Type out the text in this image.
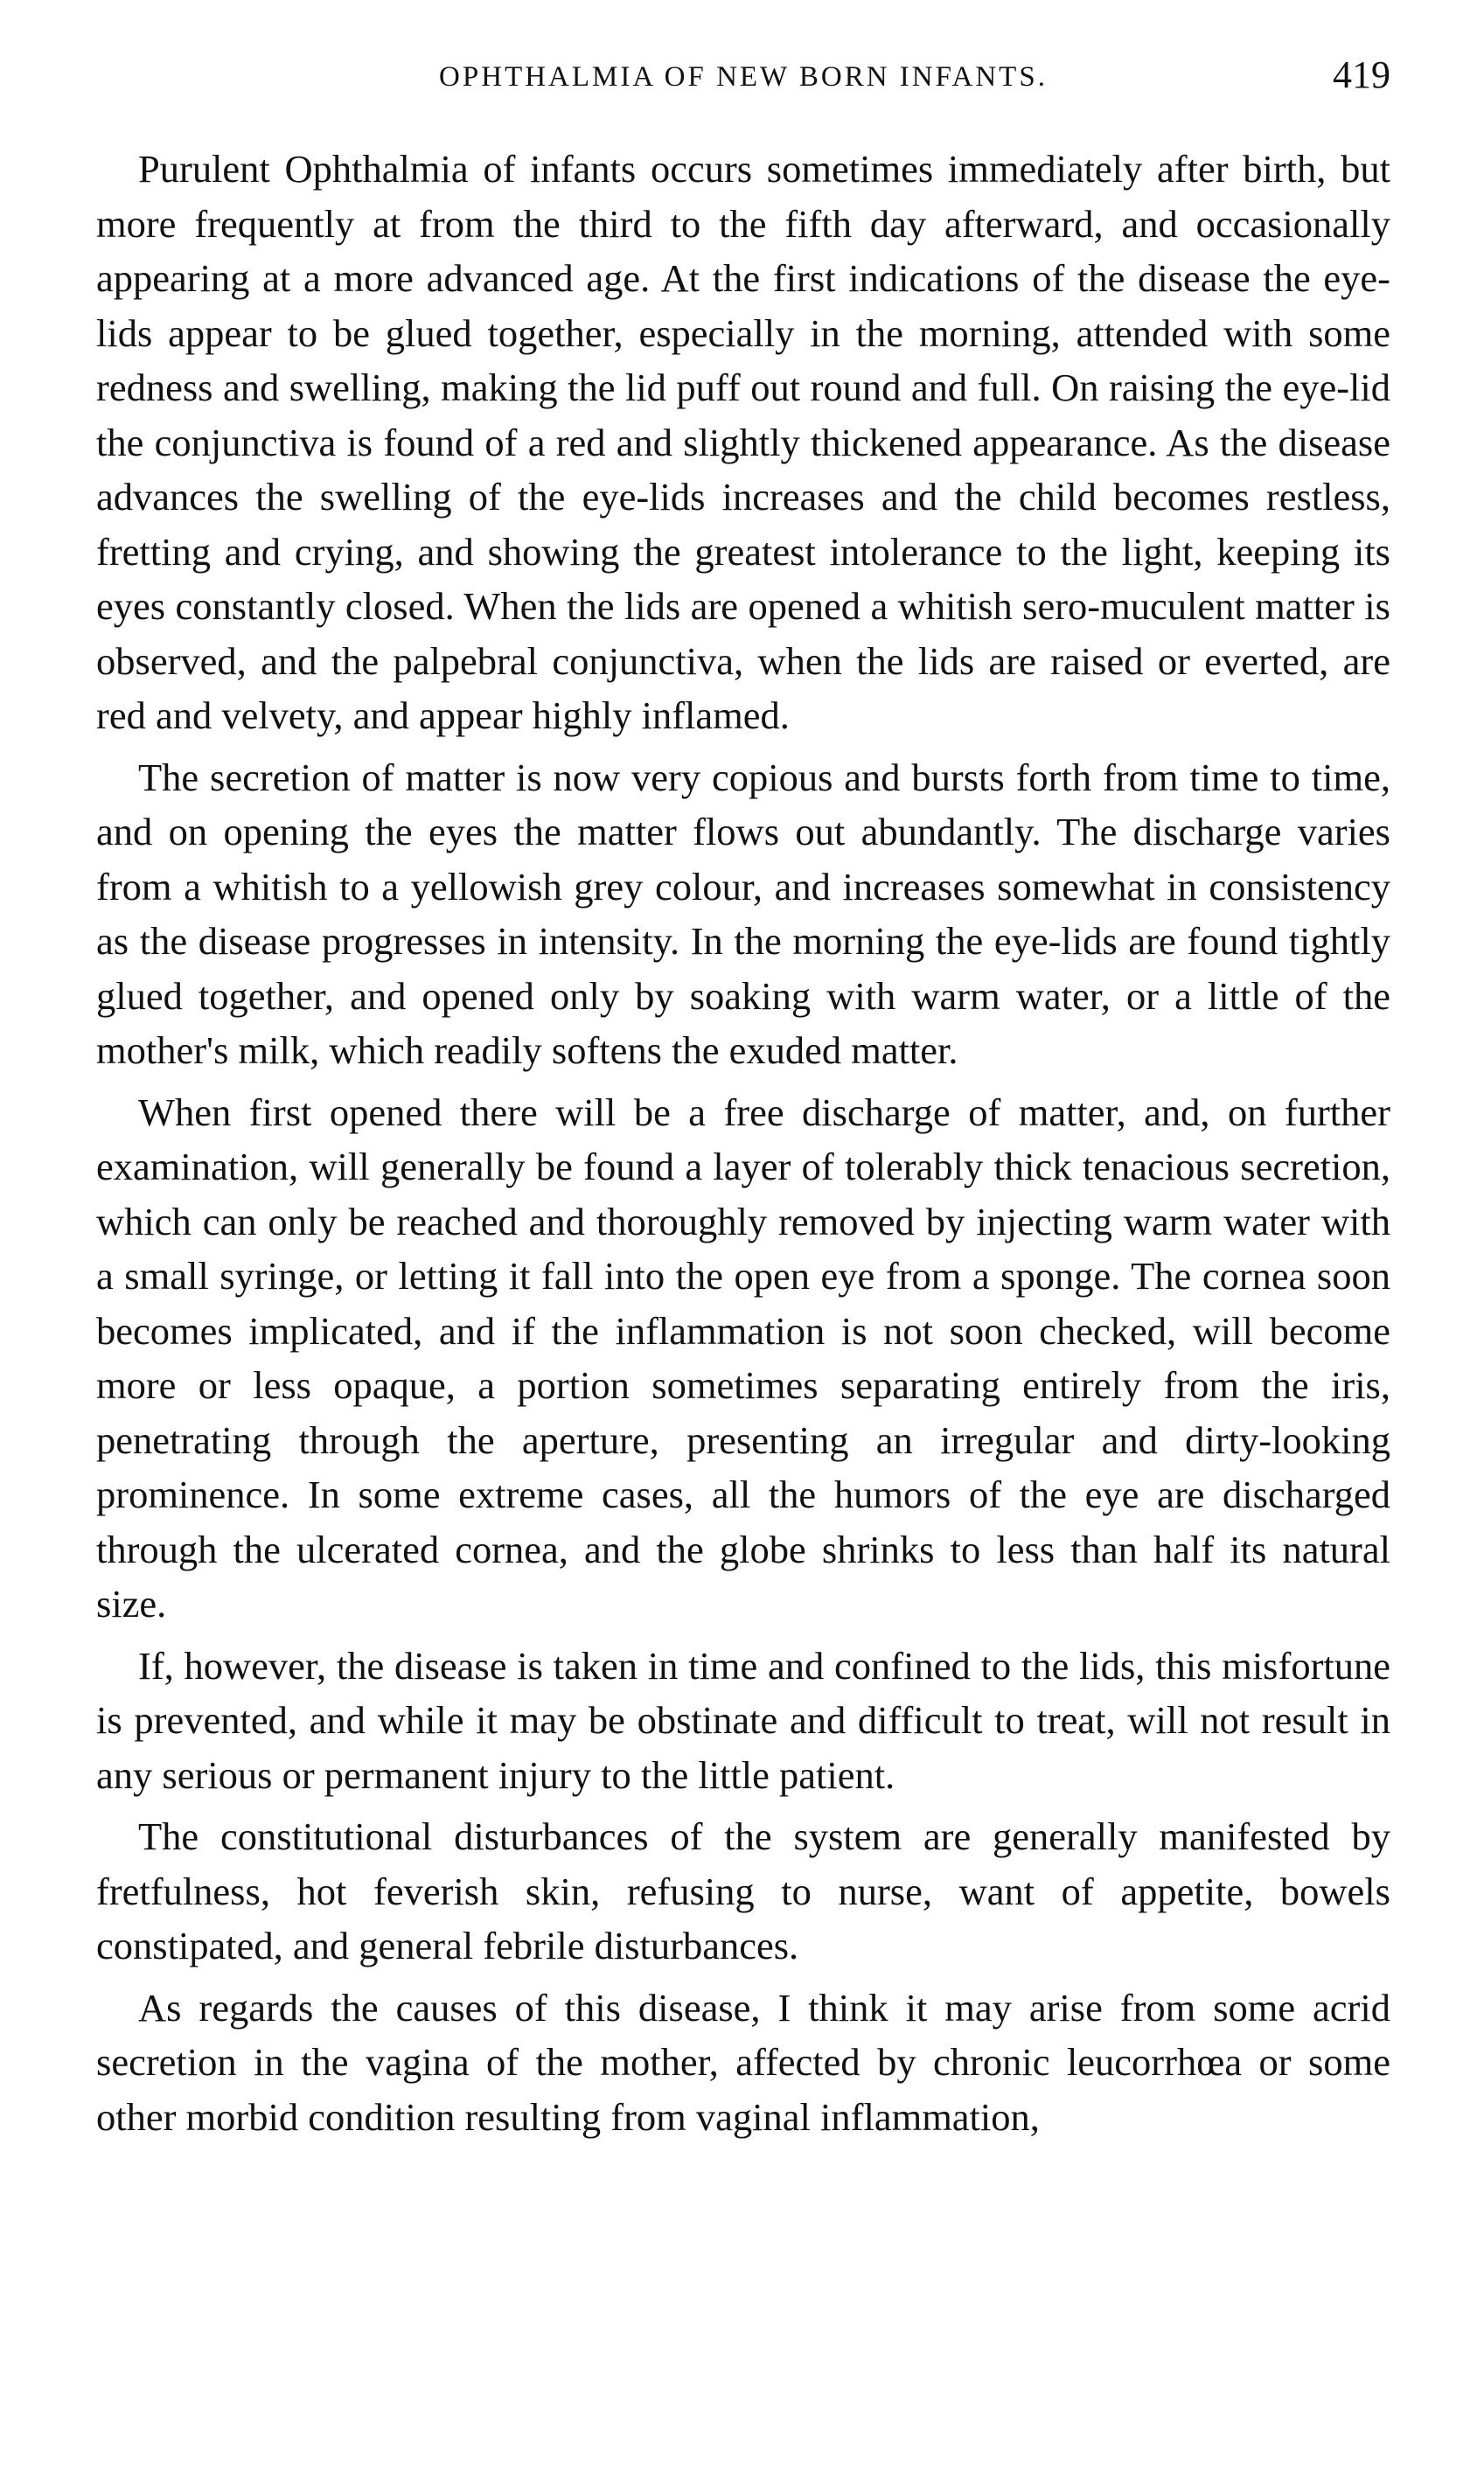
OPHTHALMIA OF NEW BORN INFANTS.	419

Purulent Ophthalmia of infants occurs sometimes immediately after birth, but more frequently at from the third to the fifth day afterward, and occasionally appearing at a more advanced age. At the first indications of the disease the eye-lids appear to be glued together, especially in the morning, attended with some redness and swelling, making the lid puff out round and full. On raising the eye-lid the conjunctiva is found of a red and slightly thickened appearance. As the disease advances the swelling of the eye-lids increases and the child becomes restless, fretting and crying, and showing the greatest intolerance to the light, keeping its eyes constantly closed. When the lids are opened a whitish sero-muculent matter is observed, and the palpebral conjunctiva, when the lids are raised or everted, are red and velvety, and appear highly inflamed.

The secretion of matter is now very copious and bursts forth from time to time, and on opening the eyes the matter flows out abundantly. The discharge varies from a whitish to a yellowish grey colour, and increases somewhat in consistency as the disease progresses in intensity. In the morning the eye-lids are found tightly glued together, and opened only by soaking with warm water, or a little of the mother's milk, which readily softens the exuded matter.

When first opened there will be a free discharge of matter, and, on further examination, will generally be found a layer of tolerably thick tenacious secretion, which can only be reached and thoroughly removed by injecting warm water with a small syringe, or letting it fall into the open eye from a sponge. The cornea soon becomes implicated, and if the inflammation is not soon checked, will become more or less opaque, a portion sometimes separating entirely from the iris, penetrating through the aperture, presenting an irregular and dirty-looking prominence. In some extreme cases, all the humors of the eye are discharged through the ulcerated cornea, and the globe shrinks to less than half its natural size.

If, however, the disease is taken in time and confined to the lids, this misfortune is prevented, and while it may be obstinate and difficult to treat, will not result in any serious or permanent injury to the little patient.

The constitutional disturbances of the system are generally manifested by fretfulness, hot feverish skin, refusing to nurse, want of appetite, bowels constipated, and general febrile disturbances.

As regards the causes of this disease, I think it may arise from some acrid secretion in the vagina of the mother, affected by chronic leucorrhœa or some other morbid condition resulting from vaginal inflammation,
